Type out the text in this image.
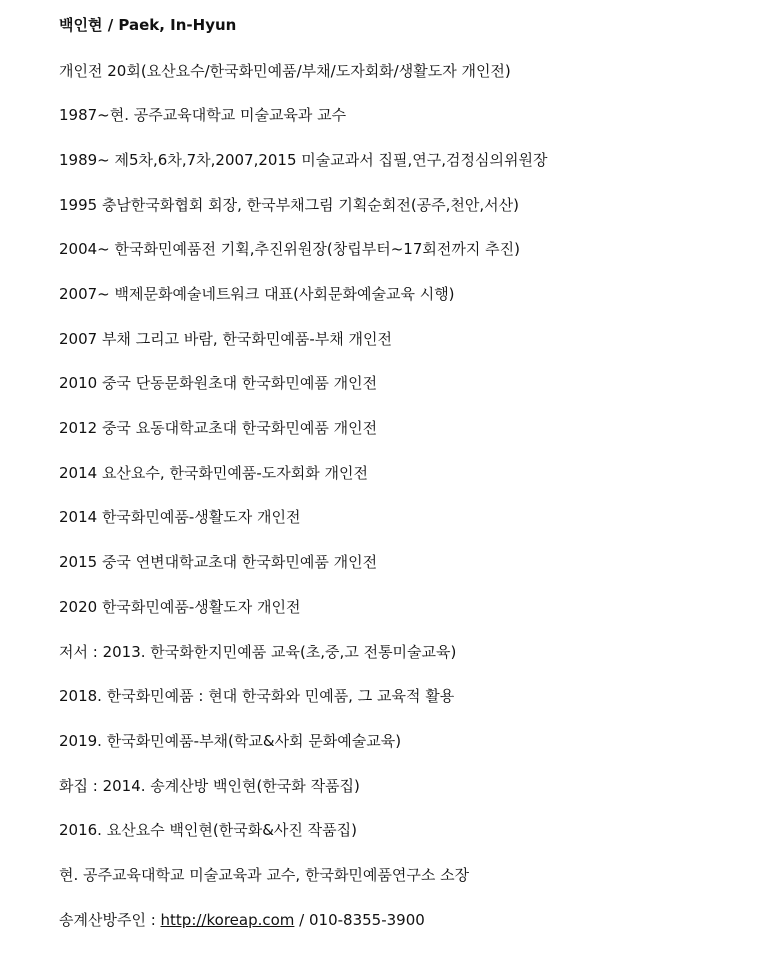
백인현 / Paek, In-Hyun
개인전 20회(요산요수/한국화민예품/부채/도자회화/생활도자 개인전)
1987~현. 공주교육대학교 미술교육과 교수
1989~ 제5차,6차,7차,2007,2015 미술교과서 집필,연구,검정심의위원장
1995 충남한국화협회 회장, 한국부채그림 기획순회전(공주,천안,서산)
2004~ 한국화민예품전 기획,추진위원장(창립부터~17회전까지 추진)
2007~ 백제문화예술네트워크 대표(사회문화예술교육 시행)
2007 부채 그리고 바람, 한국화민예품-부채 개인전
2010 중국 단동문화원초대 한국화민예품 개인전
2012 중국 요동대학교초대 한국화민예품 개인전
2014 요산요수, 한국화민예품-도자회화 개인전
2014 한국화민예품-생활도자 개인전
2015 중국 연변대학교초대 한국화민예품 개인전
2020 한국화민예품-생활도자 개인전
저서 : 2013. 한국화한지민예품 교육(초,중,고 전통미술교육)
2018. 한국화민예품 : 현대 한국화와 민예품, 그 교육적 활용
2019. 한국화민예품-부채(학교&사회 문화예술교육)
화집 : 2014. 송계산방 백인현(한국화 작품집)
2016. 요산요수 백인현(한국화&사진 작품집)
현. 공주교육대학교 미술교육과 교수, 한국화민예품연구소 소장
송계산방주인 : http://koreap.com / 010-8355-3900
